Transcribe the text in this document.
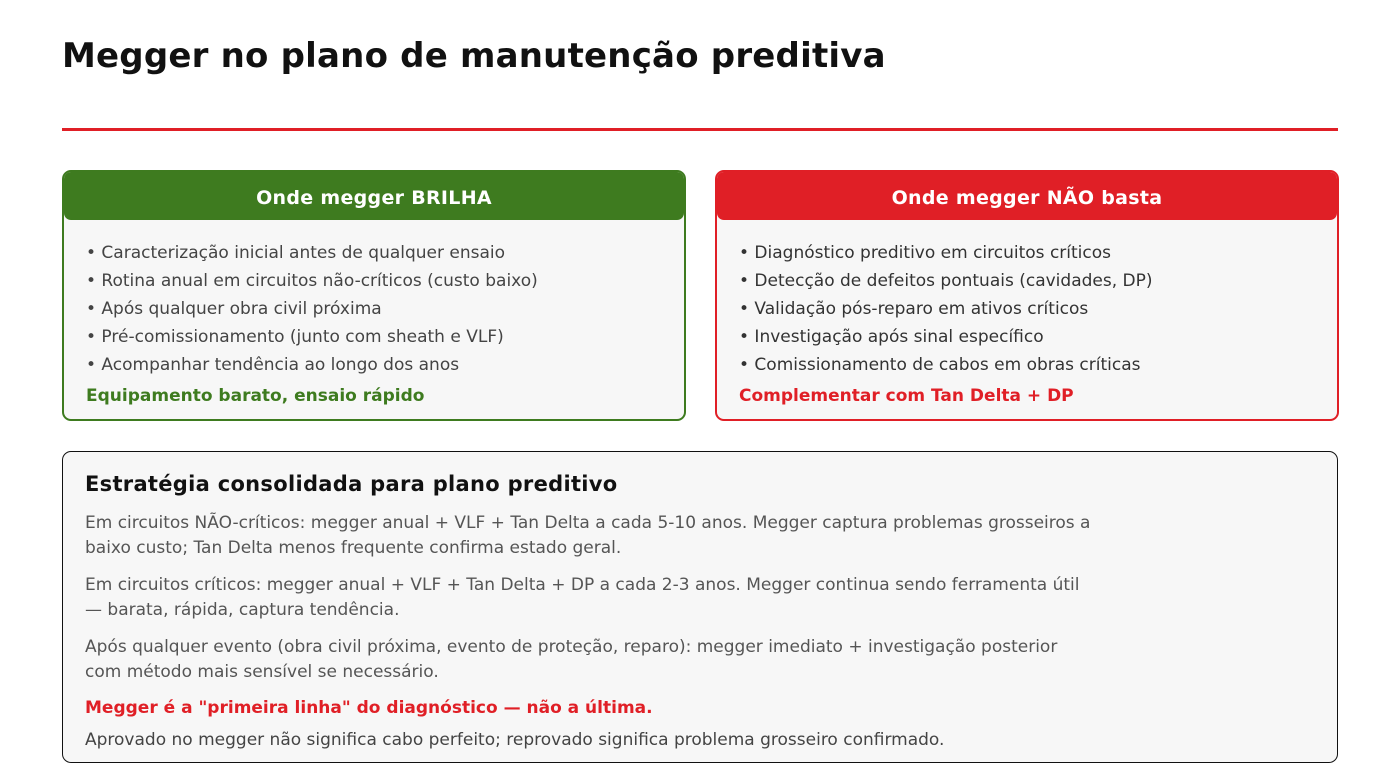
Megger no plano de manutenção preditiva
Onde megger BRILHA
• Caracterização inicial antes de qualquer ensaio
• Rotina anual em circuitos não-críticos (custo baixo)
• Após qualquer obra civil próxima
• Pré-comissionamento (junto com sheath e VLF)
• Acompanhar tendência ao longo dos anos
Equipamento barato, ensaio rápido
Onde megger NÃO basta
• Diagnóstico preditivo em circuitos críticos
• Detecção de defeitos pontuais (cavidades, DP)
• Validação pós-reparo em ativos críticos
• Investigação após sinal específico
• Comissionamento de cabos em obras críticas
Complementar com Tan Delta + DP
Estratégia consolidada para plano preditivo

Em circuitos NÃO-críticos: megger anual + VLF + Tan Delta a cada 5-10 anos. Megger captura problemas grosseiros a baixo custo; Tan Delta menos frequente confirma estado geral.

Em circuitos críticos: megger anual + VLF + Tan Delta + DP a cada 2-3 anos. Megger continua sendo ferramenta útil — barata, rápida, captura tendência.

Após qualquer evento (obra civil próxima, evento de proteção, reparo): megger imediato + investigação posterior com método mais sensível se necessário.

Megger é a "primeira linha" do diagnóstico — não a última.

Aprovado no megger não significa cabo perfeito; reprovado significa problema grosseiro confirmado.
